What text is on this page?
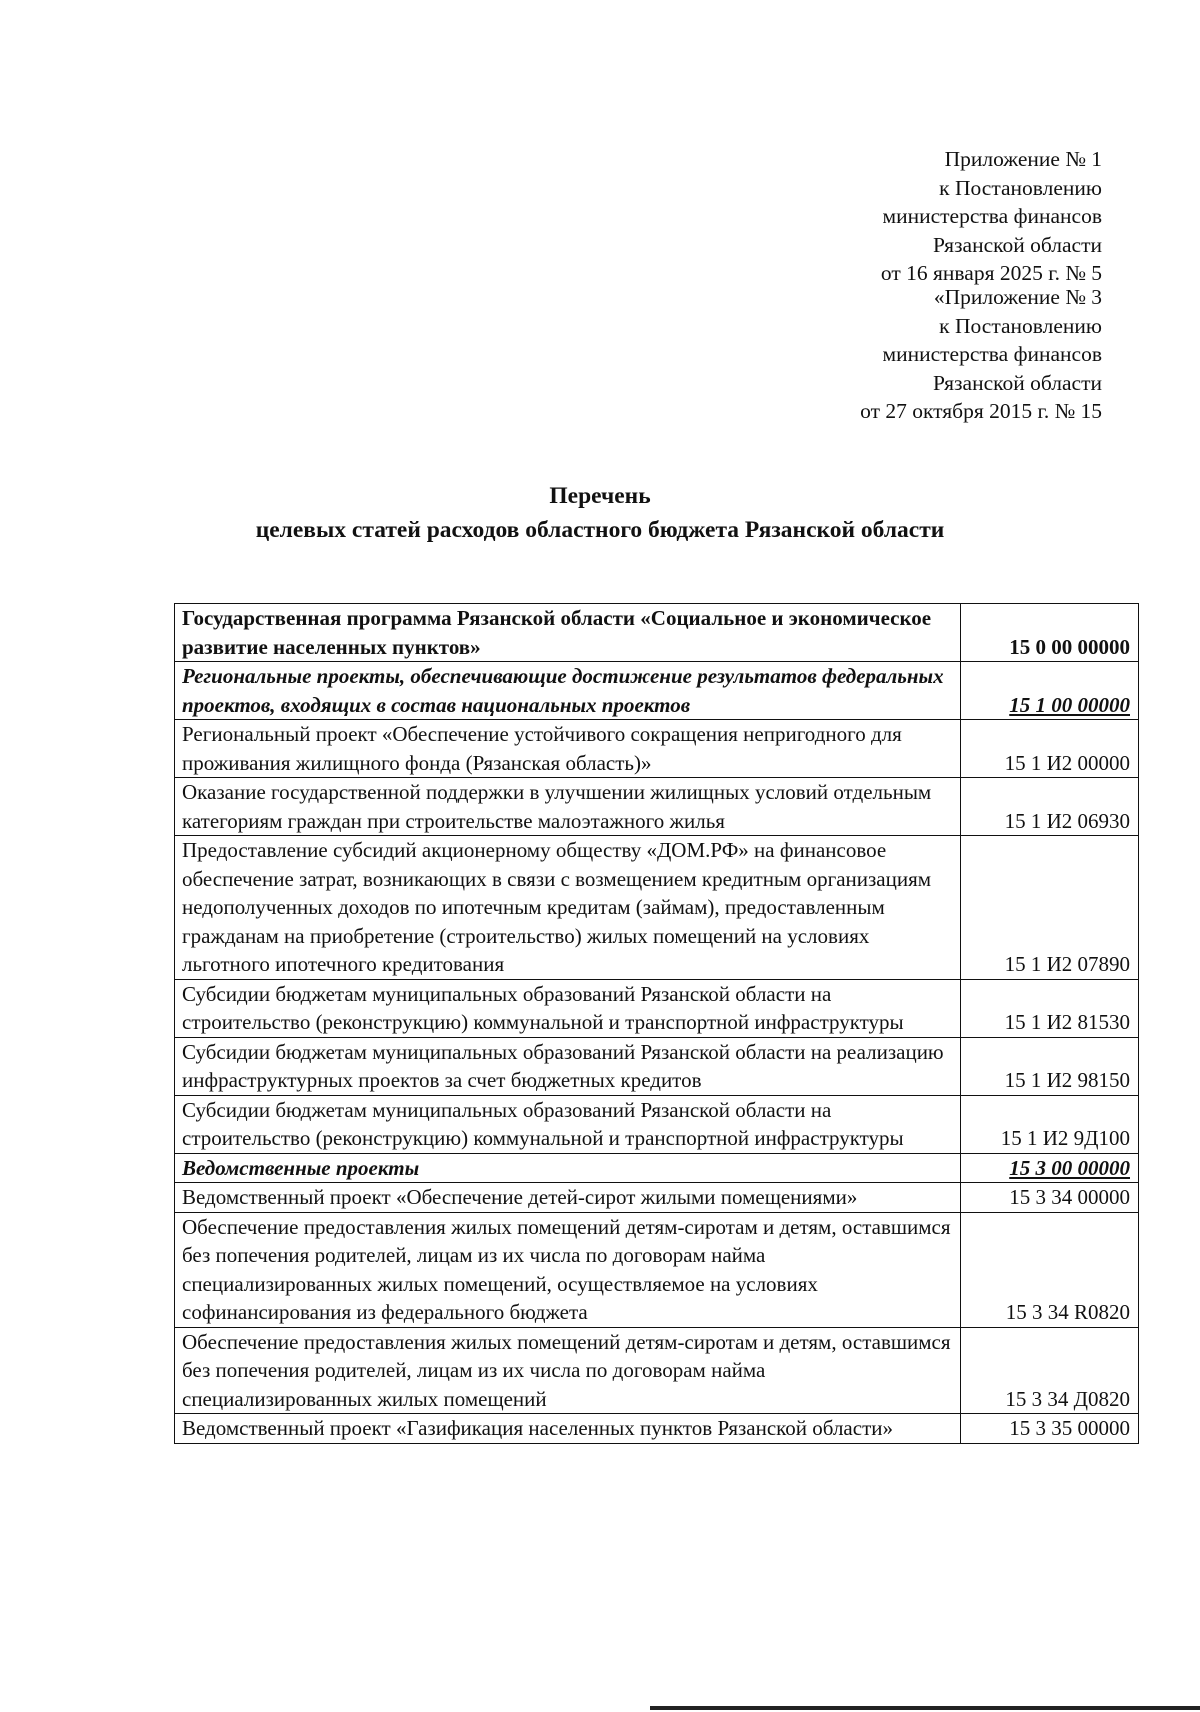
Приложение № 1
к Постановлению
министерства финансов
Рязанской области
от 16 января 2025 г. № 5
«Приложение № 3
к Постановлению
министерства финансов
Рязанской области
от 27 октября 2015 г. № 15
Перечень
целевых статей расходов областного бюджета Рязанской области
Государственная программа Рязанской области «Социальное и экономическое развитие населенных пунктов»	15 0 00 00000
Региональные проекты, обеспечивающие достижение результатов федеральных проектов, входящих в состав национальных проектов	15 1 00 00000
Региональный проект «Обеспечение устойчивого сокращения непригодного для проживания жилищного фонда (Рязанская область)»	15 1 И2 00000
Оказание государственной поддержки в улучшении жилищных условий отдельным категориям граждан при строительстве малоэтажного жилья	15 1 И2 06930
Предоставление субсидий акционерному обществу «ДОМ.РФ» на финансовое обеспечение затрат, возникающих в связи с возмещением кредитным организациям недополученных доходов по ипотечным кредитам (займам), предоставленным гражданам на приобретение (строительство) жилых помещений на условиях льготного ипотечного кредитования	15 1 И2 07890
Субсидии бюджетам муниципальных образований Рязанской области на строительство (реконструкцию) коммунальной и транспортной инфраструктуры	15 1 И2 81530
Субсидии бюджетам муниципальных образований Рязанской области на реализацию инфраструктурных проектов за счет бюджетных кредитов	15 1 И2 98150
Субсидии бюджетам муниципальных образований Рязанской области на строительство (реконструкцию) коммунальной и транспортной инфраструктуры	15 1 И2 9Д100
Ведомственные проекты	15 3 00 00000
Ведомственный проект «Обеспечение детей-сирот жилыми помещениями»	15 3 34 00000
Обеспечение предоставления жилых помещений детям-сиротам и детям, оставшимся без попечения родителей, лицам из их числа по договорам найма специализированных жилых помещений, осуществляемое на условиях софинансирования из федерального бюджета	15 3 34 R0820
Обеспечение предоставления жилых помещений детям-сиротам и детям, оставшимся без попечения родителей, лицам из их числа по договорам найма специализированных жилых помещений	15 3 34 Д0820
Ведомственный проект «Газификация населенных пунктов Рязанской области»	15 3 35 00000
